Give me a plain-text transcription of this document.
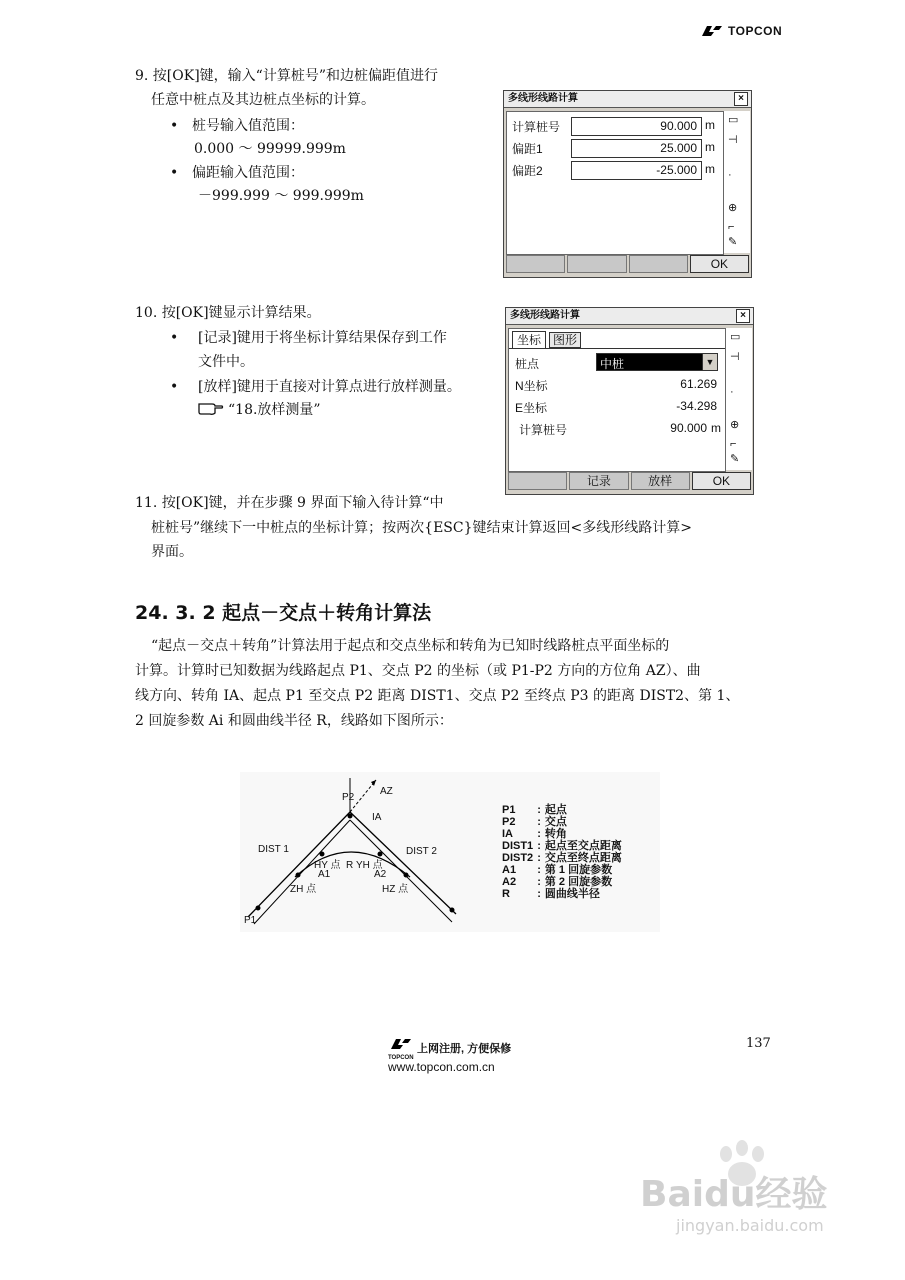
TOPCON
9. 按[OK]键，输入“计算桩号”和边桩偏距值进行
任意中桩点及其边桩点坐标的计算。
• 桩号输入值范围：
0.000 ～ 99999.999m
• 偏距输入值范围：
－999.999 ～ 999.999m
多线形线路计算	×
计算桩号	90.000 m
偏距1	25.000 m
偏距2	-25.000 m
▭
⊣
·
⊕
⌐
✎
OK
10. 按[OK]键显示计算结果。
• [记录]键用于将坐标计算结果保存到工作
文件中。
• [放样]键用于直接对计算点进行放样测量。
“18.放样测量”
多线形线路计算	×
坐标 图形
桩点	中桩	▼
N坐标	61.269
E坐标	-34.298
计算桩号	90.000 m
▭
⊣
·
⊕
⌐
✎
记录	放样	OK
11. 按[OK]键，并在步骤 9 界面下输入待计算“中
桩桩号”继续下一中桩点的坐标计算；按两次{ESC}键结束计算返回<多线形线路计算>
界面。
24. 3. 2 起点－交点＋转角计算法
“起点－交点＋转角”计算法用于起点和交点坐标和转角为已知时线路桩点平面坐标的
计算。计算时已知数据为线路起点 P1、交点 P2 的坐标（或 P1-P2 方向的方位角 AZ）、曲
线方向、转角 IA、起点 P1 至交点 P2 距离 DIST1、交点 P2 至终点 P3 的距离 DIST2、第 1、
2 回旋参数 Ai 和圆曲线半径 R，线路如下图所示：
P1
P2
AZ
IA
DIST 1	DIST 2
HY 点 R YH 点
A1	A2
ZH 点	HZ 点
P1	:	起点
P2	:	交点
IA	:	转角
DIST1	:	起点至交点距离
DIST2	:	交点至终点距离
A1	:	第 1 回旋参数
A2	:	第 2 回旋参数
R	:	圆曲线半径
TOPCON
上网注册, 方便保修
www.topcon.com.cn
137
Baidu经验
jingyan.baidu.com
